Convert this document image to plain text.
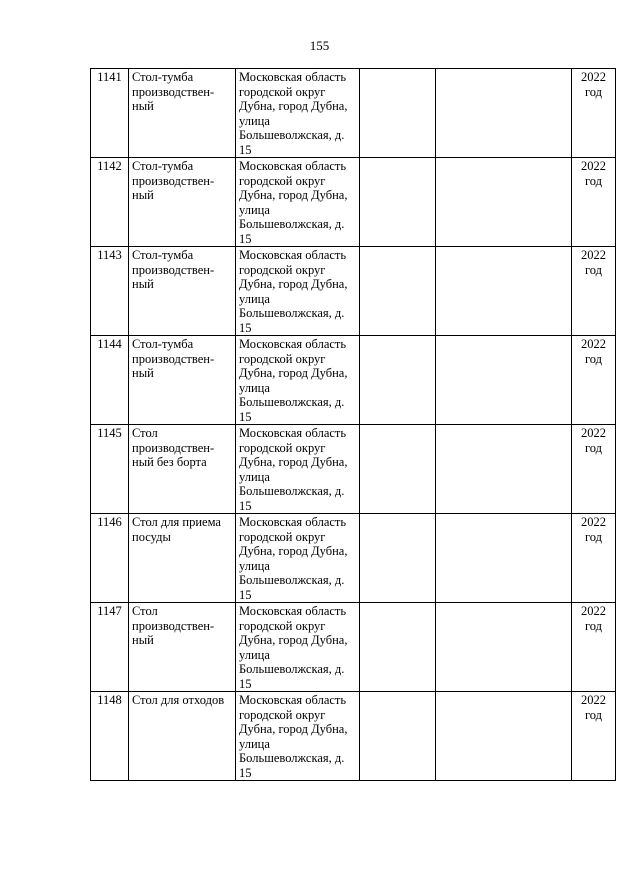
155
1141	Стол-тумба производствен-ный	Московская область городской округ Дубна, город Дубна, улица Большеволжская, д. 15			2022
год

1142	Стол-тумба производствен-ный	Московская область городской округ Дубна, город Дубна, улица Большеволжская, д. 15			2022
год

1143	Стол-тумба производствен-ный	Московская область городской округ Дубна, город Дубна, улица Большеволжская, д. 15			2022
год

1144	Стол-тумба производствен-ный	Московская область городской округ Дубна, город Дубна, улица Большеволжская, д. 15			2022
год

1145	Стол производствен-ный без борта	Московская область городской округ Дубна, город Дубна, улица Большеволжская, д. 15			2022
год

1146	Стол для приема посуды	Московская область городской округ Дубна, город Дубна, улица Большеволжская, д. 15			2022
год

1147	Стол производствен-ный	Московская область городской округ Дубна, город Дубна, улица Большеволжская, д. 15			2022
год

1148	Стол для отходов	Московская область городской округ Дубна, город Дубна, улица Большеволжская, д. 15			2022
год
